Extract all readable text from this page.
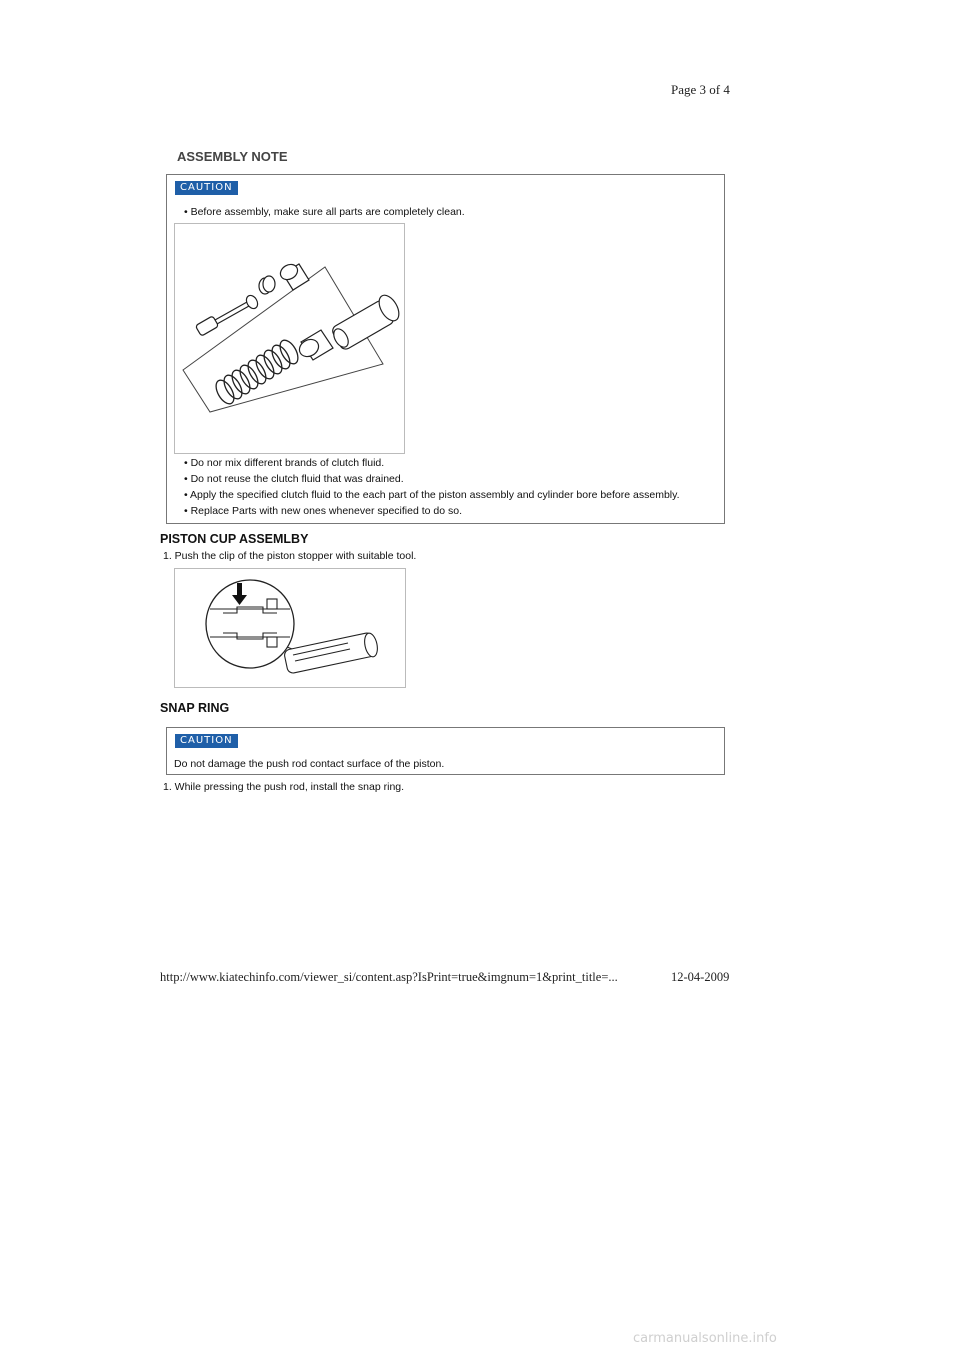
Page 3 of 4
ASSEMBLY NOTE
CAUTION
• Before assembly, make sure all parts are completely clean.
• Do nor mix different brands of clutch fluid.
• Do not reuse the clutch fluid that was drained.
• Apply the specified clutch fluid to the each part of the piston assembly and cylinder bore before assembly.
• Replace Parts with new ones whenever specified to do so.
PISTON CUP ASSEMLBY
1. Push the clip of the piston stopper with suitable tool.
SNAP RING
CAUTION
Do not damage the push rod contact surface of the piston.
1. While pressing the push rod, install the snap ring.
http://www.kiatechinfo.com/viewer_si/content.asp?IsPrint=true&imgnum=1&print_title=...	12-04-2009
carmanualsonline.info
